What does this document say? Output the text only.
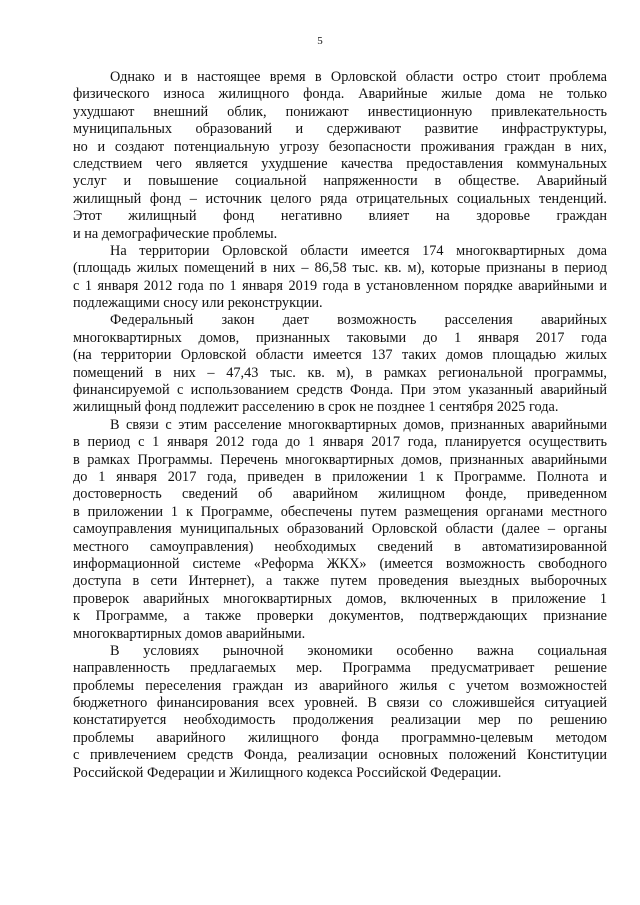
5
Однако и в настоящее время в Орловской области остро стоит проблема
физического износа жилищного фонда. Аварийные жилые дома не только
ухудшают внешний облик, понижают инвестиционную привлекательность
муниципальных образований и сдерживают развитие инфраструктуры,
но и создают потенциальную угрозу безопасности проживания граждан в них,
следствием чего является ухудшение качества предоставления коммунальных
услуг и повышение социальной напряженности в обществе. Аварийный
жилищный фонд – источник целого ряда отрицательных социальных тенденций.
Этот жилищный фонд негативно влияет на здоровье граждан
и на демографические проблемы.
На территории Орловской области имеется 174 многоквартирных дома
(площадь жилых помещений в них – 86,58 тыс. кв. м), которые признаны в период
с 1 января 2012 года по 1 января 2019 года в установленном порядке аварийными и
подлежащими сносу или реконструкции.
Федеральный закон дает возможность расселения аварийных
многоквартирных домов, признанных таковыми до 1 января 2017 года
(на территории Орловской области имеется 137 таких домов площадью жилых
помещений в них – 47,43 тыс. кв. м), в рамках региональной программы,
финансируемой с использованием средств Фонда. При этом указанный аварийный
жилищный фонд подлежит расселению в срок не позднее 1 сентября 2025 года.
В связи с этим расселение многоквартирных домов, признанных аварийными
в период с 1 января 2012 года до 1 января 2017 года, планируется осуществить
в рамках Программы. Перечень многоквартирных домов, признанных аварийными
до 1 января 2017 года, приведен в приложении 1 к Программе. Полнота и
достоверность сведений об аварийном жилищном фонде, приведенном
в приложении 1 к Программе, обеспечены путем размещения органами местного
самоуправления муниципальных образований Орловской области (далее – органы
местного самоуправления) необходимых сведений в автоматизированной
информационной системе «Реформа ЖКХ» (имеется возможность свободного
доступа в сети Интернет), а также путем проведения выездных выборочных
проверок аварийных многоквартирных домов, включенных в приложение 1
к Программе, а также проверки документов, подтверждающих признание
многоквартирных домов аварийными.
В условиях рыночной экономики особенно важна социальная
направленность предлагаемых мер. Программа предусматривает решение
проблемы переселения граждан из аварийного жилья с учетом возможностей
бюджетного финансирования всех уровней. В связи со сложившейся ситуацией
констатируется необходимость продолжения реализации мер по решению
проблемы аварийного жилищного фонда программно-целевым методом
с привлечением средств Фонда, реализации основных положений Конституции
Российской Федерации и Жилищного кодекса Российской Федерации.
